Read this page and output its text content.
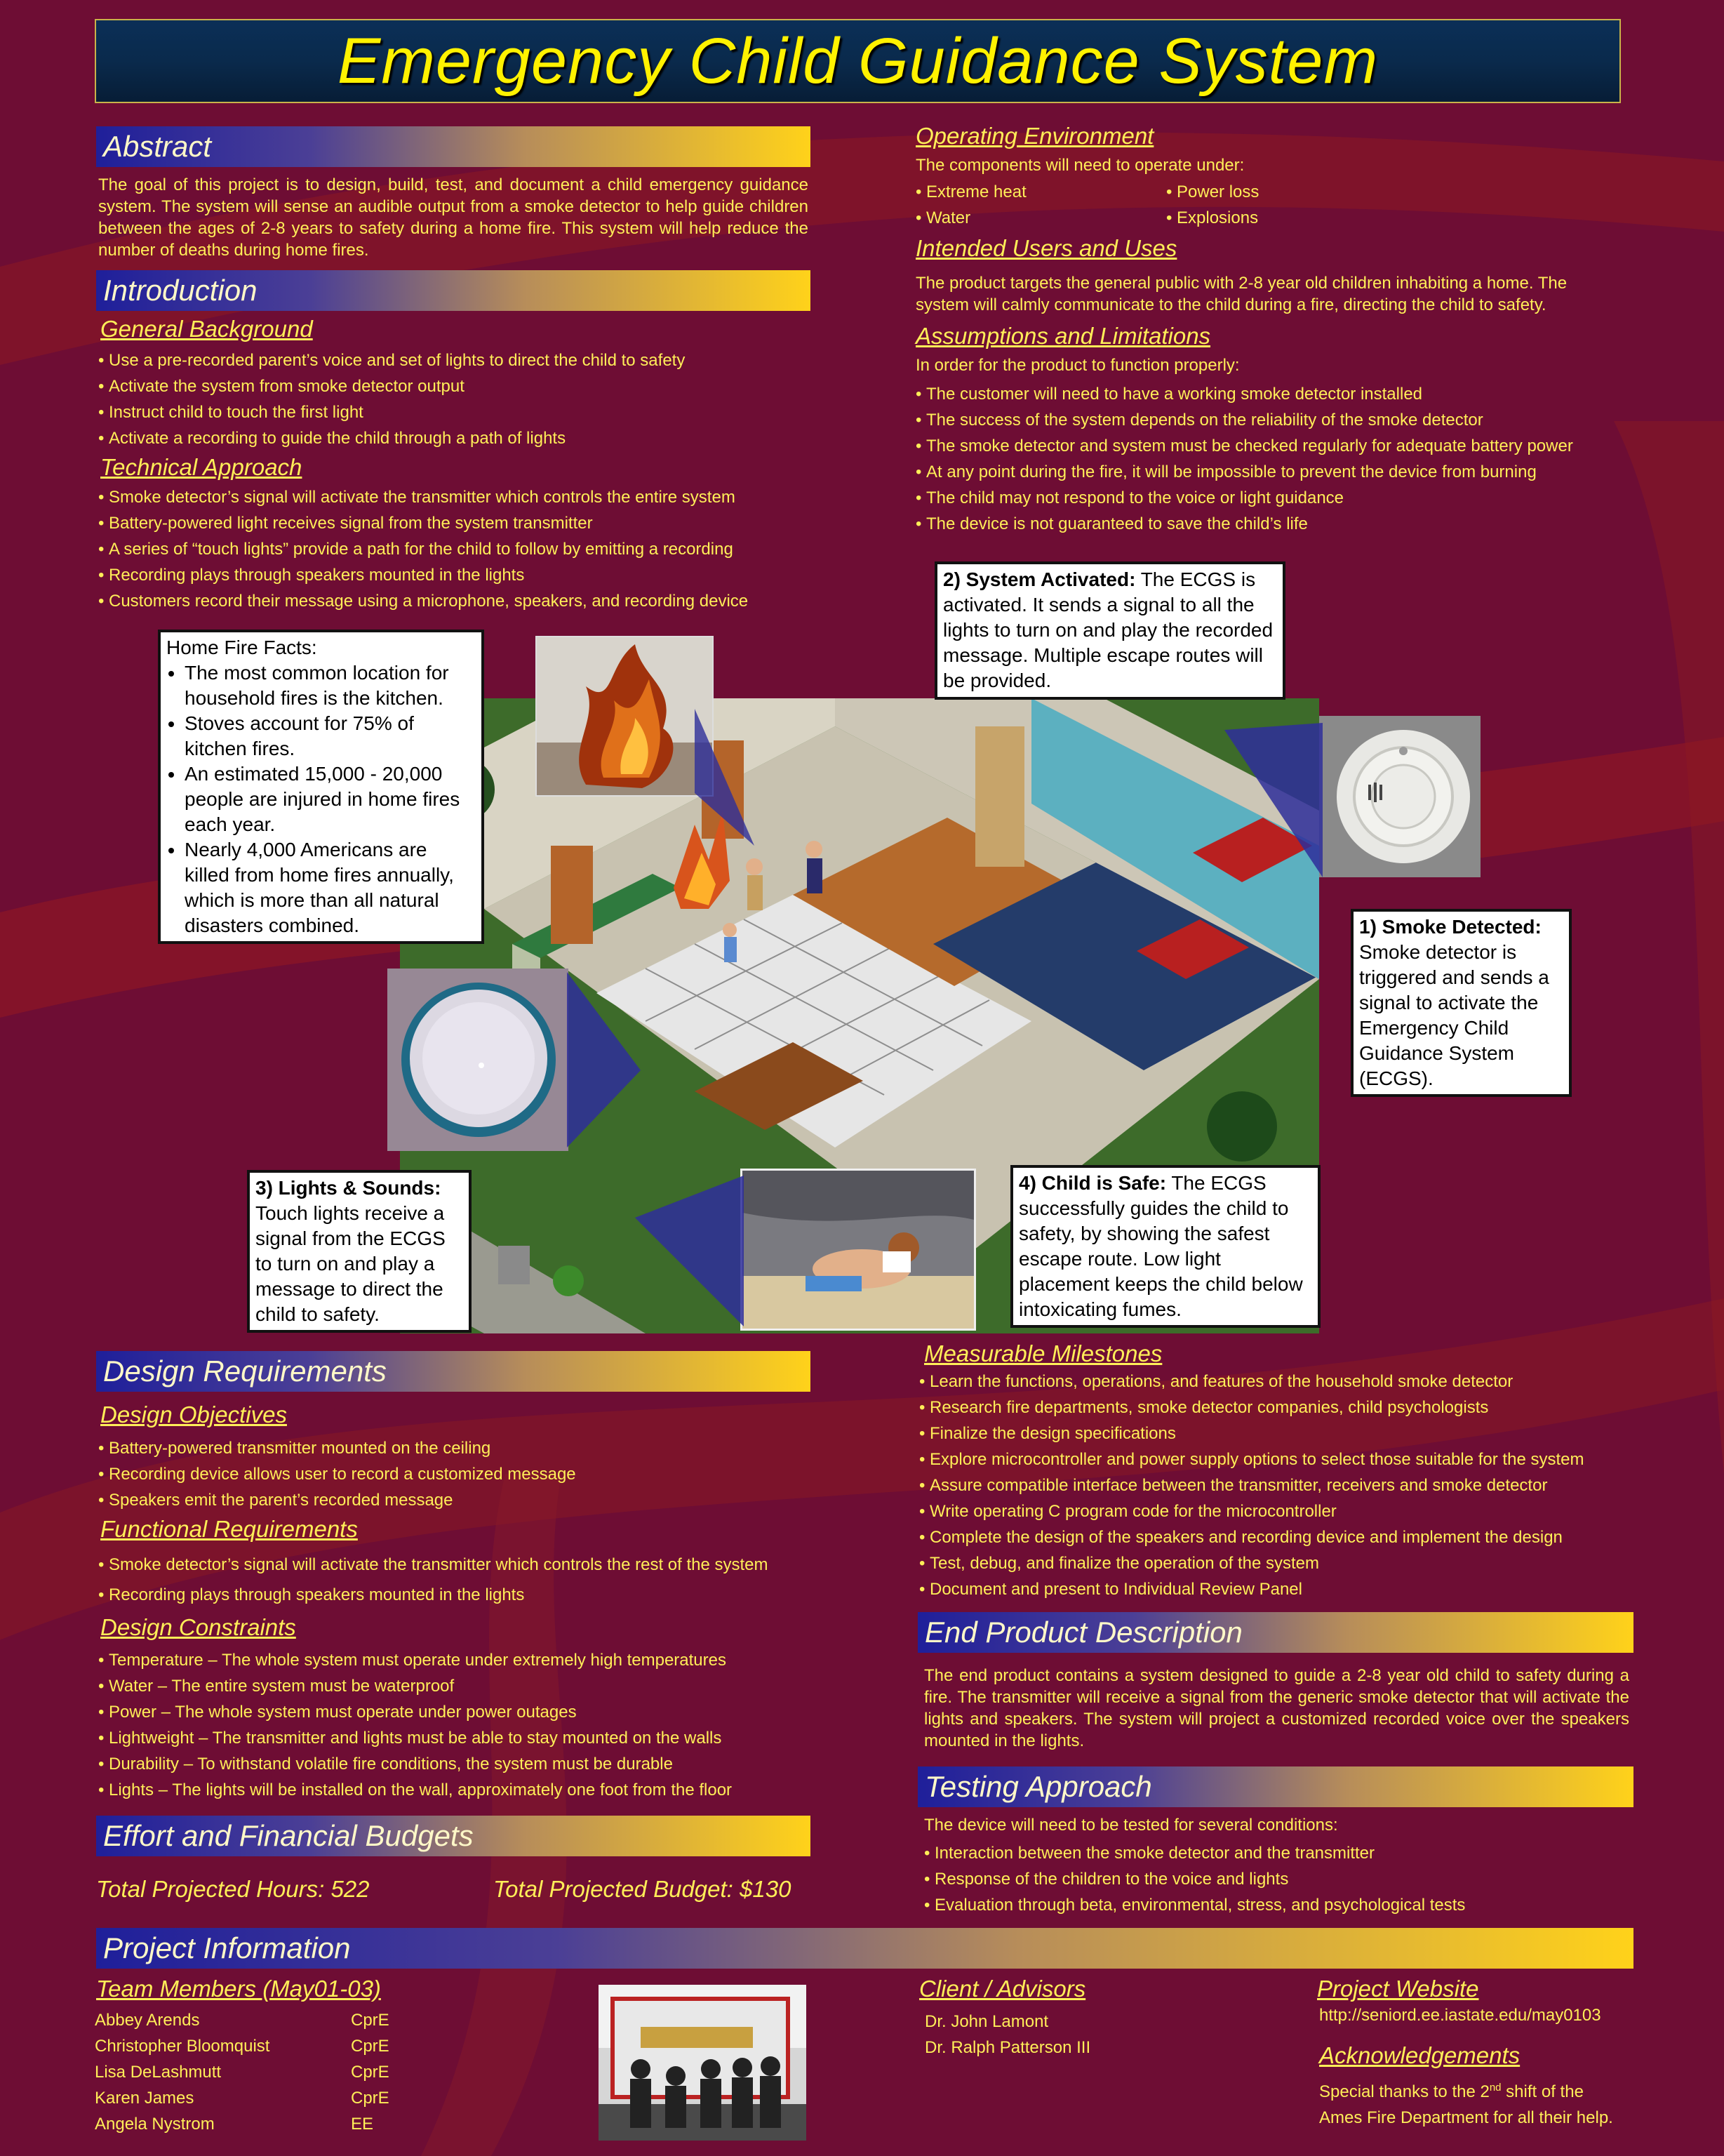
Emergency Child Guidance System
Abstract
The goal of this project is to design, build, test, and document a child emergency guidance system. The system will sense an audible output from a smoke detector to help guide children between the ages of 2-8 years to safety during a home fire. This system will help reduce the number of deaths during home fires.
Introduction
General Background
• Use a pre-recorded parent’s voice and set of lights to direct the child to safety
• Activate the system from smoke detector output
• Instruct child to touch the first light
• Activate a recording to guide the child through a path of lights
Technical Approach
• Smoke detector’s signal will activate the transmitter which controls the entire system
• Battery-powered light receives signal from the system transmitter
• A series of “touch lights” provide a path for the child to follow by emitting a recording
• Recording plays through speakers mounted in the lights
• Customers record their message using a microphone, speakers, and recording device
Operating Environment
The components will need to operate under:
• Extreme heat
• Water
• Power loss
• Explosions
Intended Users and Uses
The product targets the general public with 2-8 year old children inhabiting a home. The system will calmly communicate to the child during a fire, directing the child to safety.
Assumptions and Limitations
In order for the product to function properly:
• The customer will need to have a working smoke detector installed
• The success of the system depends on the reliability of the smoke detector
• The smoke detector and system must be checked regularly for adequate battery power
• At any point during the fire, it will be impossible to prevent the device from burning
• The child may not respond to the voice or light guidance
• The device is not guaranteed to save the child’s life
Home Fire Facts:
• The most common location for household fires is the kitchen.
• Stoves account for 75% of kitchen fires.
• An estimated 15,000 - 20,000 people are injured in home fires each year.
• Nearly 4,000 Americans are killed from home fires annually, which is more than all natural disasters combined.
2) System Activated: The ECGS is activated. It sends a signal to all the lights to turn on and play the recorded message. Multiple escape routes will be provided.
1) Smoke Detected: Smoke detector is triggered and sends a signal to activate the Emergency Child Guidance System (ECGS).
3) Lights & Sounds: Touch lights receive a signal from the ECGS to turn on and play a message to direct the child to safety.
4) Child is Safe: The ECGS successfully guides the child to safety, by showing the safest escape route. Low light placement keeps the child below intoxicating fumes.
Design Requirements
Design Objectives
• Battery-powered transmitter mounted on the ceiling
• Recording device allows user to record a customized message
• Speakers emit the parent’s recorded message
Functional Requirements
• Smoke detector’s signal will activate the transmitter which controls the rest of the system
• Recording plays through speakers mounted in the lights
Design Constraints
• Temperature – The whole system must operate under extremely high temperatures
• Water – The entire system must be waterproof
• Power – The whole system must operate under power outages
• Lightweight – The transmitter and lights must be able to stay mounted on the walls
• Durability – To withstand volatile fire conditions, the system must be durable
• Lights – The lights will be installed on the wall, approximately one foot from the floor
Effort and Financial Budgets
Total Projected Hours: 522	Total Projected Budget: $130
Measurable Milestones
• Learn the functions, operations, and features of the household smoke detector
• Research fire departments, smoke detector companies, child psychologists
• Finalize the design specifications
• Explore microcontroller and power supply options to select those suitable for the system
• Assure compatible interface between the transmitter, receivers and smoke detector
• Write operating C program code for the microcontroller
• Complete the design of the speakers and recording device and implement the design
• Test, debug, and finalize the operation of the system
• Document and present to Individual Review Panel
End Product Description
The end product contains a system designed to guide a 2-8 year old child to safety during a fire. The transmitter will receive a signal from the generic smoke detector that will activate the lights and speakers. The system will project a customized recorded voice over the speakers mounted in the lights.
Testing Approach
The device will need to be tested for several conditions:
• Interaction between the smoke detector and the transmitter
• Response of the children to the voice and lights
• Evaluation through beta, environmental, stress, and psychological tests
Project Information
Team Members (May01-03)
Abbey Arends
Christopher Bloomquist
Lisa DeLashmutt
Karen James
Angela Nystrom
CprE
CprE
CprE
CprE
EE
Client / Advisors
Dr. John Lamont
Dr. Ralph Patterson III
Project Website
http://seniord.ee.iastate.edu/may0103
Acknowledgements
Special thanks to the 2nd shift of the
Ames Fire Department for all their help.
